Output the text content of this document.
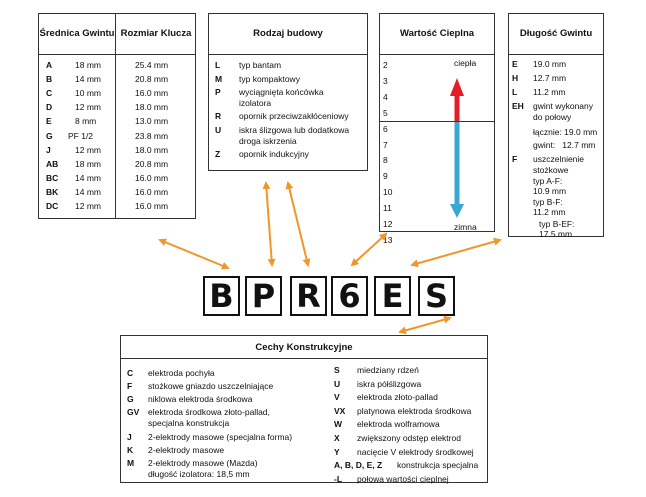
Średnica Gwintu Rozmiar Klucza
A	18 mm	25.4 mm
B	14 mm	20.8 mm
C	10 mm	16.0 mm
D	12 mm	18.0 mm
E	8 mm	13.0 mm
G PF 1/2	23.8 mm
J	12 mm	18.0 mm
AB 18 mm	20.8 mm
BC 14 mm	16.0 mm
BK 14 mm	16.0 mm
DC 12 mm	16.0 mm
Rodzaj budowy
L typ bantam
M typ kompaktowy
P wyciągnięta końcówka
izolatora
R opornik przeciwzakłóceniowy
U iskra ślizgowa lub dodatkowa
droga iskrzenia
Z opornik indukcyjny
Wartość Cieplna
2
3
4
5
6
7
8
9
10
11
12
13
ciepła
zimna
Długość Gwintu
E 19.0 mm
H 12.7 mm
L 11.2 mm
EH gwint wykonany
do połowy
łącznie: 19.0 mm
gwint:   12.7 mm
F uszczelnienie
stożkowe
typ A-F:
10.9 mm
typ B-F:
11.2 mm
typ B-EF:
17.5 mm
B P R 6 E S
Cechy Konstrukcyjne
C elektroda pochyła
F stożkowe gniazdo uszczelniające
G niklowa elektroda środkowa
GV elektroda środkowa złoto-pallad,
specjalna konstrukcja
J 2-elektrody masowe (specjalna forma)
K 2-elektrody masowe
M 2-elektrody masowe (Mazda)
długość izolatora: 18,5 mm
S miedziany rdzeń
U iskra półślizgowa
V elektroda złoto-pallad
VX platynowa elektroda środkowa
W elektroda wolframowa
X zwiększony odstęp elektrod
Y nacięcie V elektrody środkowej
A, B, D, E, Z konstrukcja specjalna
-L połowa wartości cieplnej
